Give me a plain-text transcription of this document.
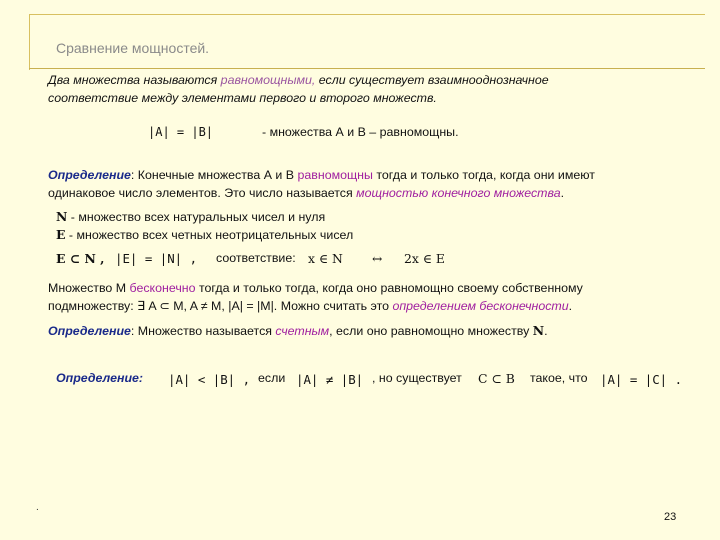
Сравнение мощностей.
Два множества называются равномощными, если существует взаимнооднозначное
соответствие между элементами первого и второго множеств.
|A| = |B|	- множества А и В – равномощны.
Определение: Конечные множества А и В равномощны тогда и только тогда, когда они имеют
одинаковое число элементов. Это число называется мощностью конечного множества.
N - множество всех натуральных чисел и нуля
E - множество всех четных неотрицательных чисел
E ⊂ N , |E| = |N| , соответствие: x ∈ N ↔ 2x ∈ E
Множество М бесконечно тогда и только тогда, когда оно равномощно своему собственному
подмножеству: ∃ A ⊂ M, A ≠ M, |A| = |M|. Можно считать это определением бесконечности.
Определение: Множество называется счетным, если оно равномощно множеству N.
Определение: |A| < |B| , если |A| ≠ |B| , но существует C ⊂ B такое, что |A| = |C| .
.
23
